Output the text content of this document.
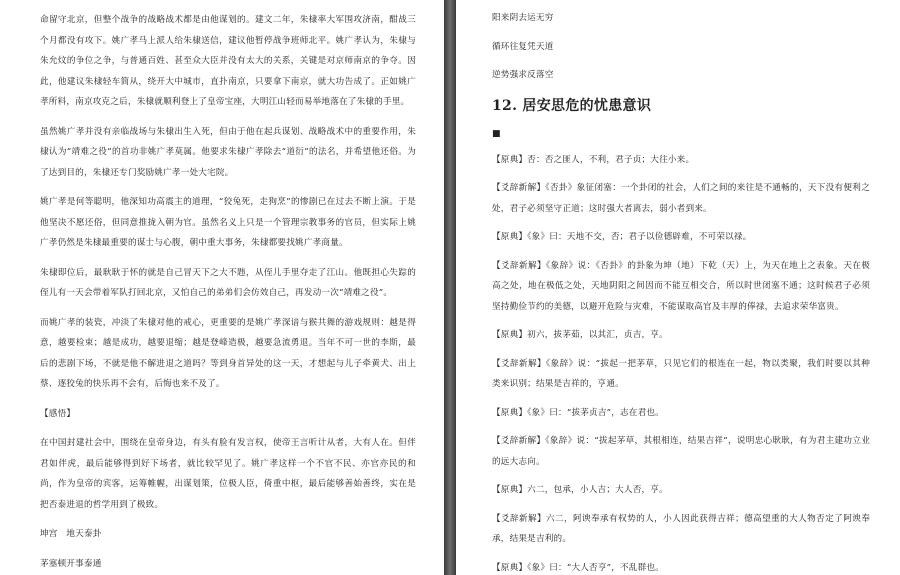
命留守北京，但整个战争的战略战术都是由他谋划的。建文二年，朱棣率大军围攻济南，酣战三个月都没有攻下。姚广孝马上派人给朱棣送信，建议他暂停战争班师北平。姚广孝认为，朱棣与朱允炆的争位之争，与普通百姓、甚至众大臣并没有太大的关系，关键是对京师南京的争夺。因此，他建议朱棣轻车简从，绕开大中城市，直扑南京，只要拿下南京，就大功告成了。正如姚广孝所料，南京攻克之后，朱棣就顺利登上了皇帝宝座，大明江山轻而易举地落在了朱棣的手里。

虽然姚广孝并没有亲临战场与朱棣出生入死，但由于他在起兵谋划、战略战术中的重要作用，朱棣认为“靖难之役”的首功非姚广孝莫属。他要求朱棣广孝除去“道衍”的法名，并希望他还俗。为了达到目的，朱棣还专门奖励姚广孝一处大宅院。

姚广孝是何等聪明，他深知功高震主的道理，“狡兔死，走狗烹”的惨剧已在过去不断上演。于是他坚决不愿还俗，但同意推拢入朝为官。虽然名义上只是一个管理宗教事务的官员，但实际上姚广孝仍然是朱棣最重要的谋士与心腹，朝中重大事务，朱棣都要找姚广孝商量。

朱棣即位后，最耿耿于怀的就是自己冒天下之大不韪，从侄儿手里夺走了江山。他既担心失踪的侄儿有一天会带着军队打回北京，又怕自己的弟弟们会仿效自己，再发动一次“靖难之役”。

而姚广孝的装瓷，冲淡了朱棣对他的戒心，更重要的是姚广孝深谙与猴共舞的游戏规则：越是得意，越要检束；越是成功，越要退缩；越是登峰造极，越要急流勇退。当年不可一世的李斯，最后的悲剧下场，不就是他不解进退之道吗？等到身首异处的这一天，才想起与儿子牵黄犬、出上蔡、逐狡兔的快乐再不会有，后悔也来不及了。

【感悟】

在中国封建社会中，围绕在皇帝身边，有头有脸有发言权，使帝王言听计从者，大有人在。但伴君如伴虎，最后能够得到好下场者，就比较罕见了。姚广孝这样一个不官不民、亦官亦民的和尚，作为皇帝的宾客，运筹帷幄，出谋划策，位极人臣，倚重中枢，最后能够善始善终，实在是把否泰进退的哲学用到了极致。

坤宫　地天泰卦

茅塞顿开事泰通

阳来阴去运无穷

循环往复凭天道

逆势强求反落空

12. 居安思危的忧患意识
■

【原典】否：否之匪人，不利，君子贞；大往小来。

【爻辞新解】《否卦》象征闭塞：一个卦闭的社会，人们之间的来往是不通畅的，天下没有便利之处，君子必须坚守正道；这时强大者离去，弱小者到来。

【原典】《象》曰：天地不交，否；君子以俭德辟难，不可荣以禄。

【爻辞新解】《象辞》说：《否卦》的卦象为坤（地）下乾（天）上，为天在地上之表象。天在极高之处，地在极低之处，天地阴阳之间因而不能互相交合，所以时世闭塞不通；这时候君子必须坚持勤俭节约的美德，以避开危险与灾难，不能谋取高官及丰厚的俸禄，去追求荣华富贵。

【原典】初六，拔茅茹，以其汇，贞吉，亨。

【爻辞新解】《象辞》说：“拔起一把茅草，只见它们的根连在一起，物以类聚，我们时要以其种类来识别；结果是吉祥的，亨通。

【原典】《象》曰：“拔茅贞吉”，志在君也。

【爻辞新解】《象辞》说：“拔起茅草，其根相连，结果吉祥”，说明忠心耿耿，有为君主建功立业的远大志向。

【原典】六二，包承，小人吉；大人否，亨。

【爻辞新解】六二，阿谀奉承有权势的人，小人因此获得吉祥；德高望重的大人物否定了阿谀奉承，结果是吉利的。

【原典】《象》曰：“大人否亨”，不乱群也。
